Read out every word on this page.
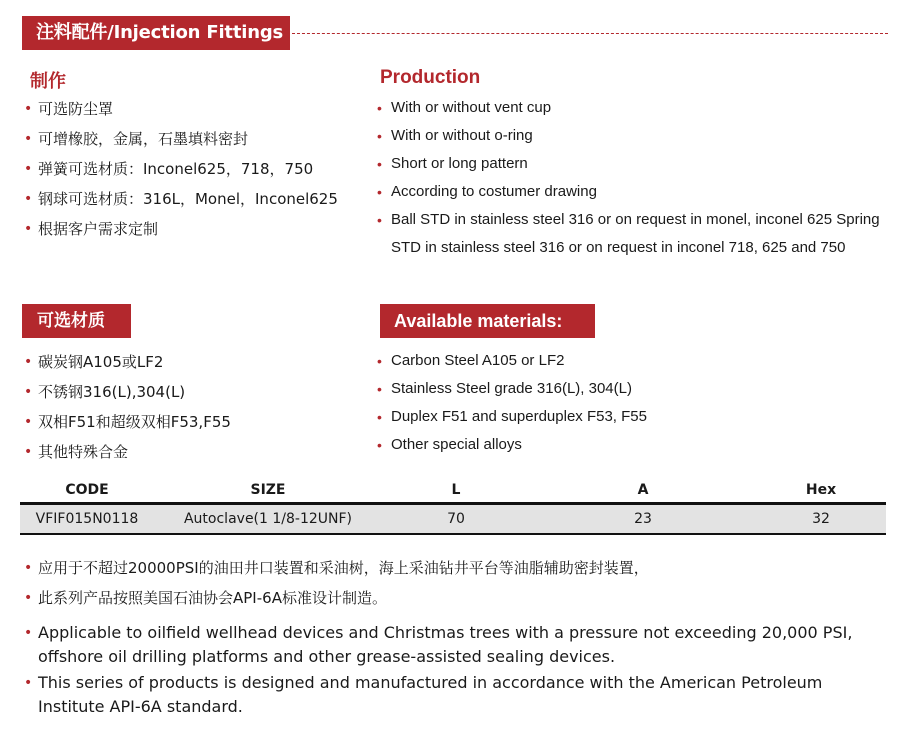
注料配件/Injection Fittings
制作	Production
• 可选防尘罩
• 可增橡胶，金属，石墨填料密封
• 弹簧可选材质：Inconel625，718，750
• 钢球可选材质：316L，Monel，Inconel625
• 根据客户需求定制
• With or without vent cup
• With or without o-ring
• Short or long pattern
• According to costumer drawing
• Ball STD in stainless steel 316 or on request in monel, inconel 625 Spring STD in stainless steel 316 or on request in inconel 718, 625 and 750
可选材质	Available materials:
• 碳炭钢A105或LF2
• 不锈钢316(L),304(L)
• 双相F51和超级双相F53,F55
• 其他特殊合金
• Carbon Steel A105 or LF2
• Stainless Steel grade 316(L), 304(L)
• Duplex F51 and superduplex F53, F55
• Other special alloys
CODE	SIZE	L	A	Hex
VFIF015N0118	Autoclave(1 1/8-12UNF)	70	23	32
• 应用于不超过20000PSI的油田井口装置和采油树，海上采油钻井平台等油脂辅助密封装置，
• 此系列产品按照美国石油协会API-6A标准设计制造。
• Applicable to oilfield wellhead devices and Christmas trees with a pressure not exceeding 20,000 PSI, offshore oil drilling platforms and other grease-assisted sealing devices.
• This series of products is designed and manufactured in accordance with the American Petroleum Institute API-6A standard.
